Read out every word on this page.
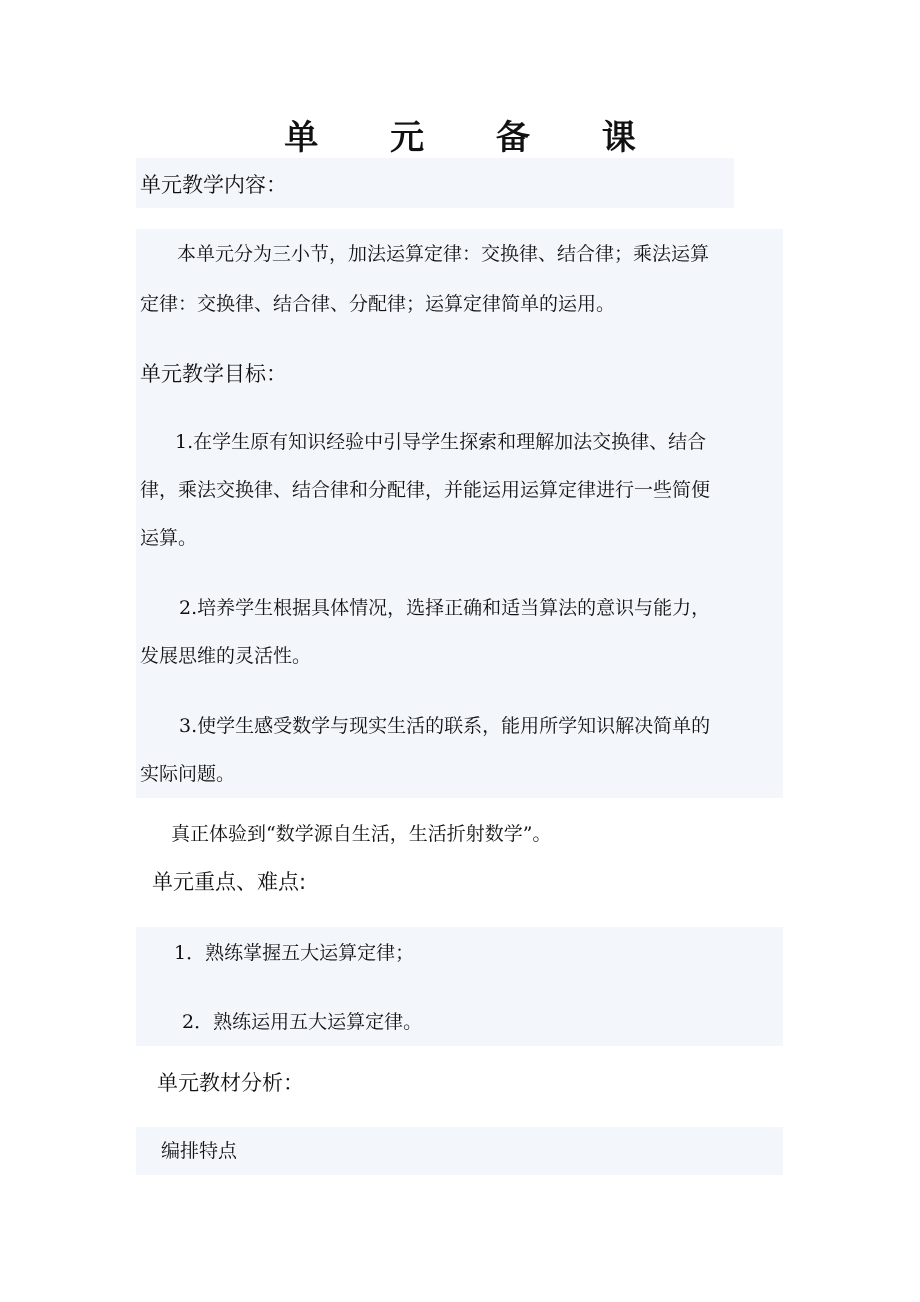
单 元 备 课
单元教学内容：
本单元分为三小节，加法运算定律：交换律、结合律；乘法运算
定律：交换律、结合律、分配律；运算定律简单的运用。
单元教学目标：
1.在学生原有知识经验中引导学生探索和理解加法交换律、结合
律，乘法交换律、结合律和分配律，并能运用运算定律进行一些简便
运算。
2.培养学生根据具体情况，选择正确和适当算法的意识与能力，
发展思维的灵活性。
3.使学生感受数学与现实生活的联系，能用所学知识解决简单的
实际问题。
真正体验到“数学源自生活，生活折射数学”。
单元重点、难点:
1．熟练掌握五大运算定律；
2．熟练运用五大运算定律。
单元教材分析：
编排特点
